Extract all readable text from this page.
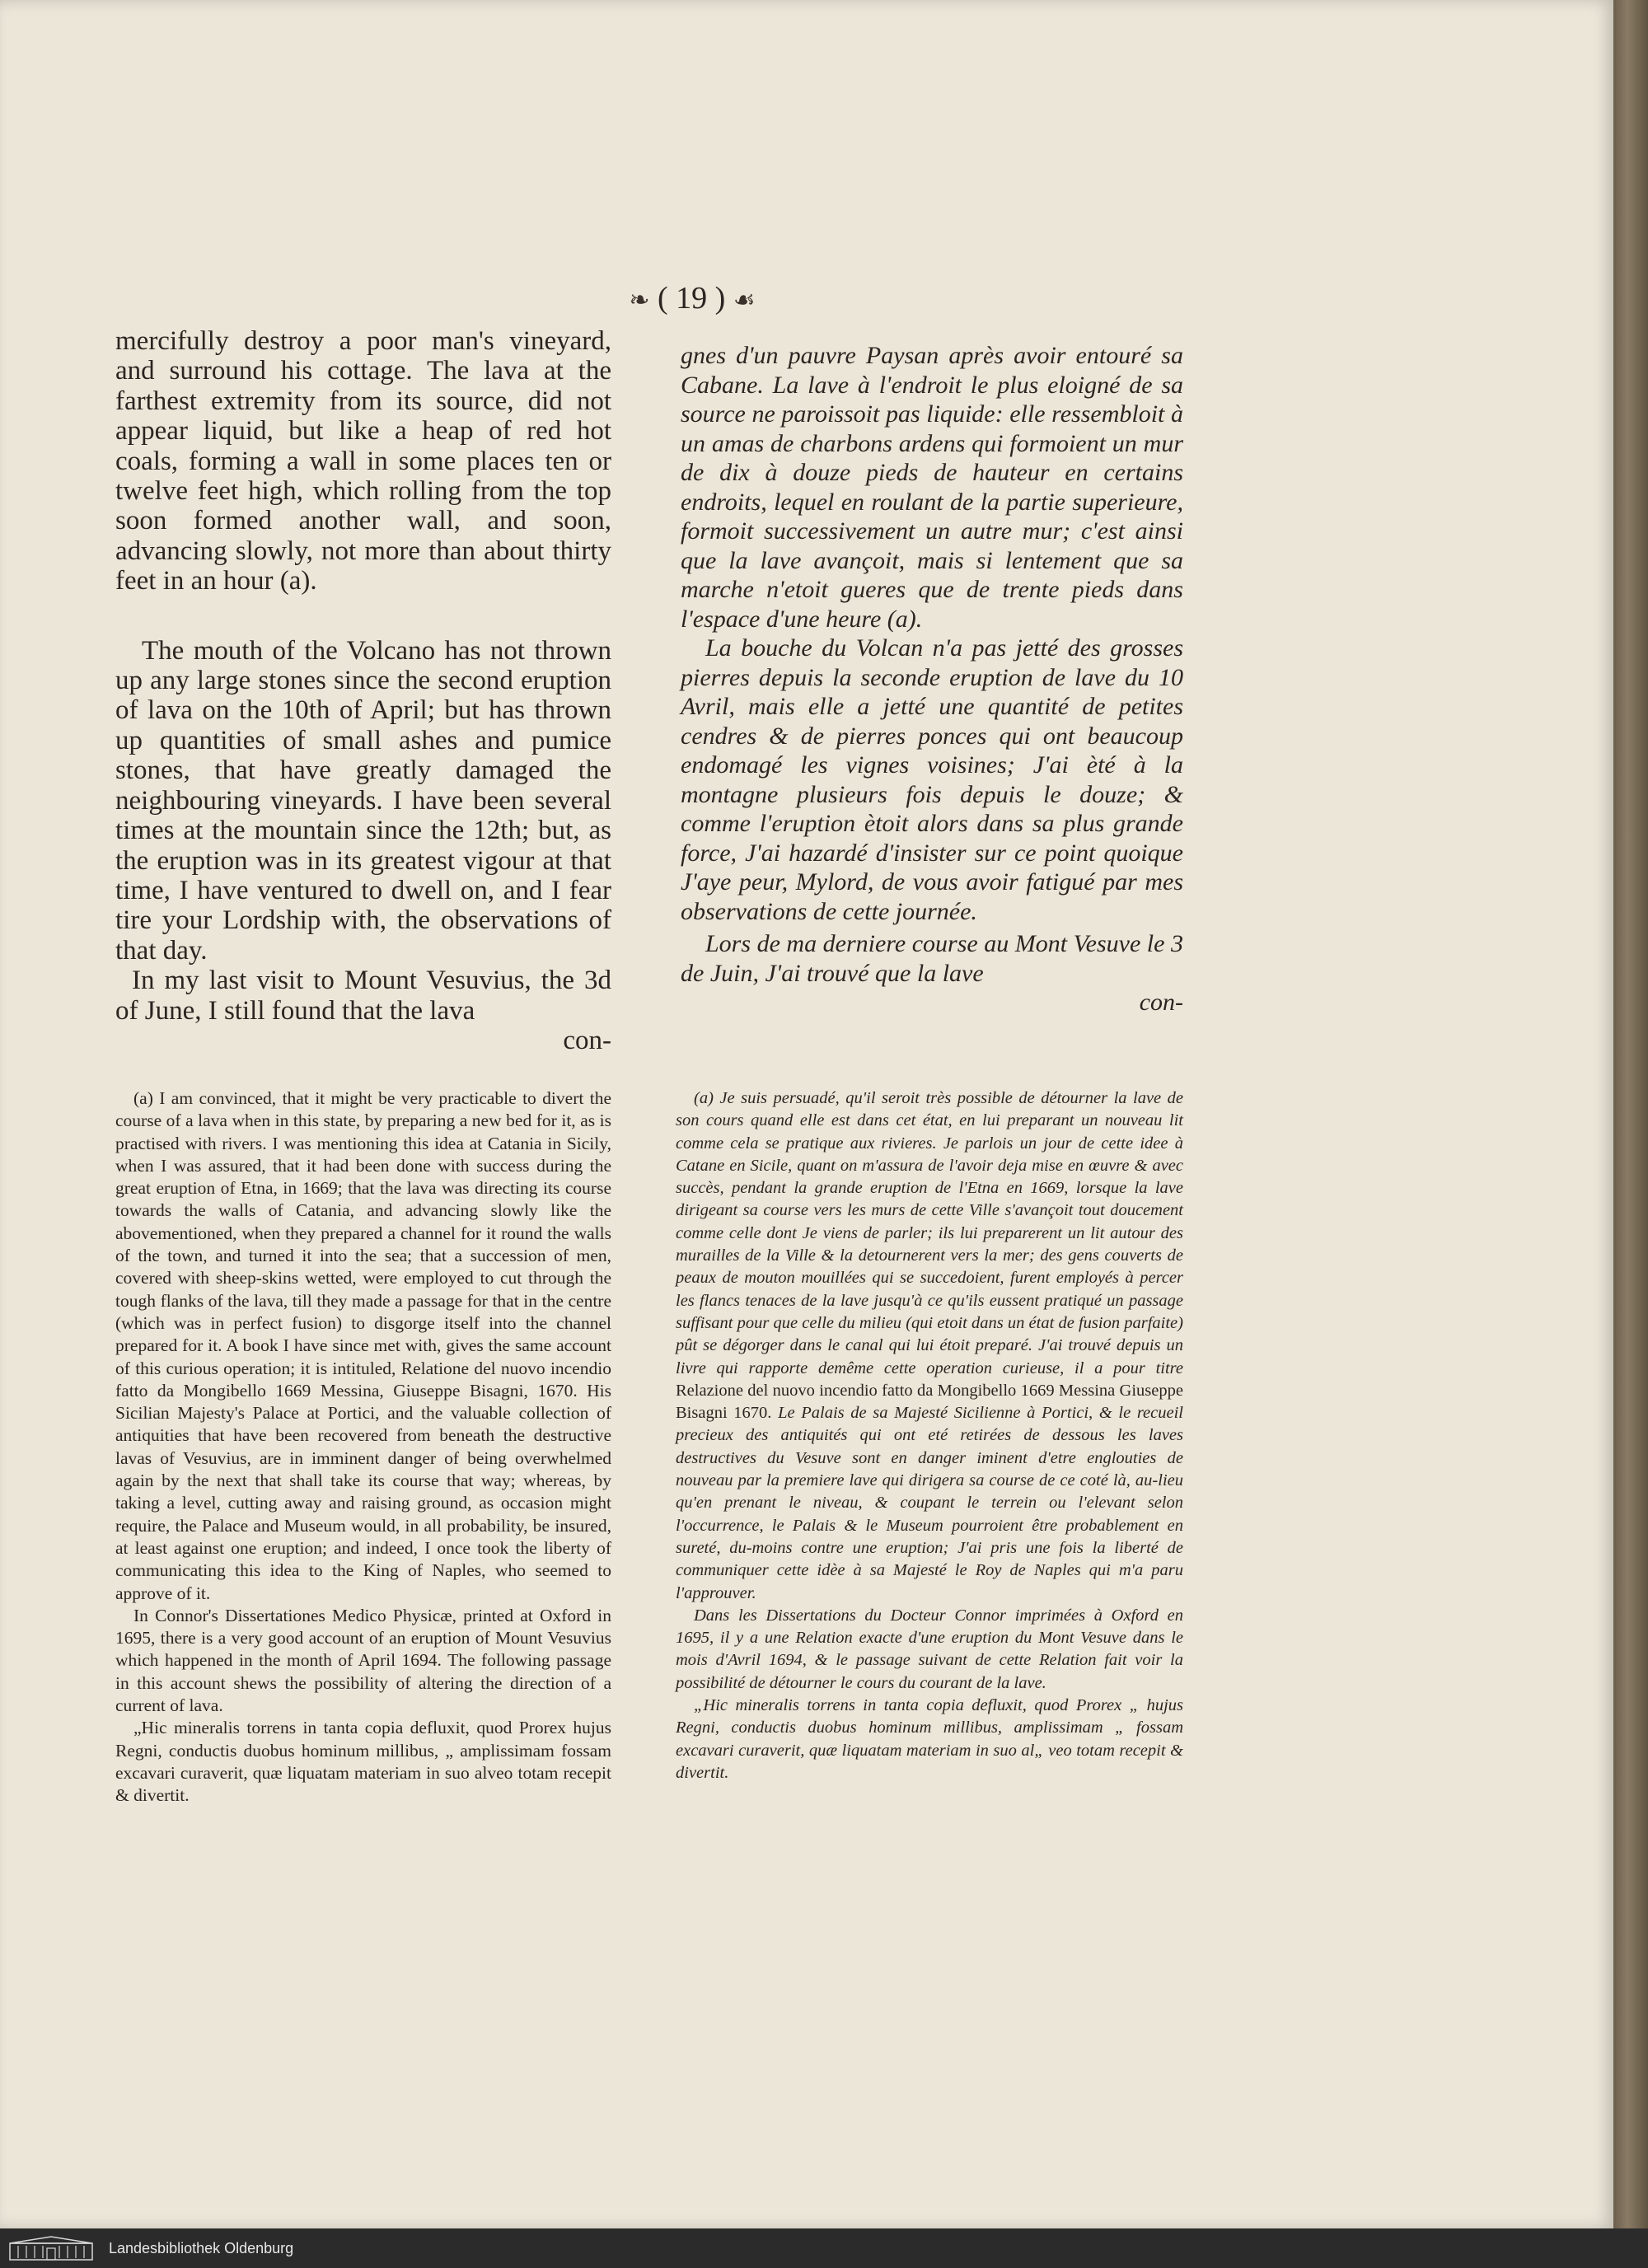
❧ ( 19 ) ☙

mercifully destroy a poor man's vineyard, and surround his cottage. The lava at the farthest extremity from its source, did not appear liquid, but like a heap of red hot coals, forming a wall in some places ten or twelve feet high, which rolling from the top soon formed another wall, and soon, advancing slowly, not more than about thirty feet in an hour (a).

The mouth of the Volcano has not thrown up any large stones since the second eruption of lava on the 10th of April; but has thrown up quantities of small ashes and pumice stones, that have greatly damaged the neighbouring vineyards. I have been several times at the mountain since the 12th; but, as the eruption was in its greatest vigour at that time, I have ventured to dwell on, and I fear tire your Lordship with, the observations of that day.

In my last visit to Mount Vesuvius, the 3d of June, I still found that the lava

con-

gnes d'un pauvre Paysan après avoir entouré sa Cabane. La lave à l'endroit le plus eloigné de sa source ne paroissoit pas liquide: elle ressembloit à un amas de charbons ardens qui formoient un mur de dix à douze pieds de hauteur en certains endroits, lequel en roulant de la partie superieure, formoit successivement un autre mur; c'est ainsi que la lave avançoit, mais si lentement que sa marche n'etoit gueres que de trente pieds dans l'espace d'une heure (a).

La bouche du Volcan n'a pas jetté des grosses pierres depuis la seconde eruption de lave du 10 Avril, mais elle a jetté une quantité de petites cendres & de pierres ponces qui ont beaucoup endomagé les vignes voisines; J'ai èté à la montagne plusieurs fois depuis le douze; & comme l'eruption ètoit alors dans sa plus grande force, J'ai hazardé d'insister sur ce point quoique J'aye peur, Mylord, de vous avoir fatigué par mes observations de cette journée.

Lors de ma derniere course au Mont Vesuve le 3 de Juin, J'ai trouvé que la lave

con-

(a) I am convinced, that it might be very practicable to divert the course of a lava when in this state, by preparing a new bed for it, as is practised with rivers. I was mentioning this idea at Catania in Sicily, when I was assured, that it had been done with success during the great eruption of Etna, in 1669; that the lava was directing its course towards the walls of Catania, and advancing slowly like the abovementioned, when they prepared a channel for it round the walls of the town, and turned it into the sea; that a succession of men, covered with sheep-skins wetted, were employed to cut through the tough flanks of the lava, till they made a passage for that in the centre (which was in perfect fusion) to disgorge itself into the channel prepared for it. A book I have since met with, gives the same account of this curious operation; it is intituled, Relatione del nuovo incendio fatto da Mongibello 1669 Messina, Giuseppe Bisagni, 1670. His Sicilian Majesty's Palace at Portici, and the valuable collection of antiquities that have been recovered from beneath the destructive lavas of Vesuvius, are in imminent danger of being overwhelmed again by the next that shall take its course that way; whereas, by taking a level, cutting away and raising ground, as occasion might require, the Palace and Museum would, in all probability, be insured, at least against one eruption; and indeed, I once took the liberty of communicating this idea to the King of Naples, who seemed to approve of it.

In Connor's Dissertationes Medico Physicæ, printed at Oxford in 1695, there is a very good account of an eruption of Mount Vesuvius which happened in the month of April 1694. The following passage in this account shews the possibility of altering the direction of a current of lava.

„Hic mineralis torrens in tanta copia defluxit, quod Prorex hujus Regni, conductis duobus hominum millibus, „ amplissimam fossam excavari curaverit, quæ liquatam materiam in suo alveo totam recepit & divertit.

(a) Je suis persuadé, qu'il seroit très possible de détourner la lave de son cours quand elle est dans cet état, en lui preparant un nouveau lit comme cela se pratique aux rivieres. Je parlois un jour de cette idee à Catane en Sicile, quant on m'assura de l'avoir deja mise en œuvre & avec succès, pendant la grande eruption de l'Etna en 1669, lorsque la lave dirigeant sa course vers les murs de cette Ville s'avançoit tout doucement comme celle dont Je viens de parler; ils lui preparerent un lit autour des murailles de la Ville & la detournerent vers la mer; des gens couverts de peaux de mouton mouillées qui se succedoient, furent employés à percer les flancs tenaces de la lave jusqu'à ce qu'ils eussent pratiqué un passage suffisant pour que celle du milieu (qui etoit dans un état de fusion parfaite) pût se dégorger dans le canal qui lui étoit preparé. J'ai trouvé depuis un livre qui rapporte demême cette operation curieuse, il a pour titre Relazione del nuovo incendio fatto da Mongibello 1669 Messina Giuseppe Bisagni 1670. Le Palais de sa Majesté Sicilienne à Portici, & le recueil precieux des antiquités qui ont eté retirées de dessous les laves destructives du Vesuve sont en danger iminent d'etre englouties de nouveau par la premiere lave qui dirigera sa course de ce coté là, au-lieu qu'en prenant le niveau, & coupant le terrein ou l'elevant selon l'occurrence, le Palais & le Museum pourroient être probablement en sureté, du-moins contre une eruption; J'ai pris une fois la liberté de communiquer cette idèe à sa Majesté le Roy de Naples qui m'a paru l'approuver.

Dans les Dissertations du Docteur Connor imprimées à Oxford en 1695, il y a une Relation exacte d'une eruption du Mont Vesuve dans le mois d'Avril 1694, & le passage suivant de cette Relation fait voir la possibilité de détourner le cours du courant de la lave.

„Hic mineralis torrens in tanta copia defluxit, quod Prorex „ hujus Regni, conductis duobus hominum millibus, amplissimam „ fossam excavari curaverit, quæ liquatam materiam in suo al„ veo totam recepit & divertit.

Landesbibliothek Oldenburg
